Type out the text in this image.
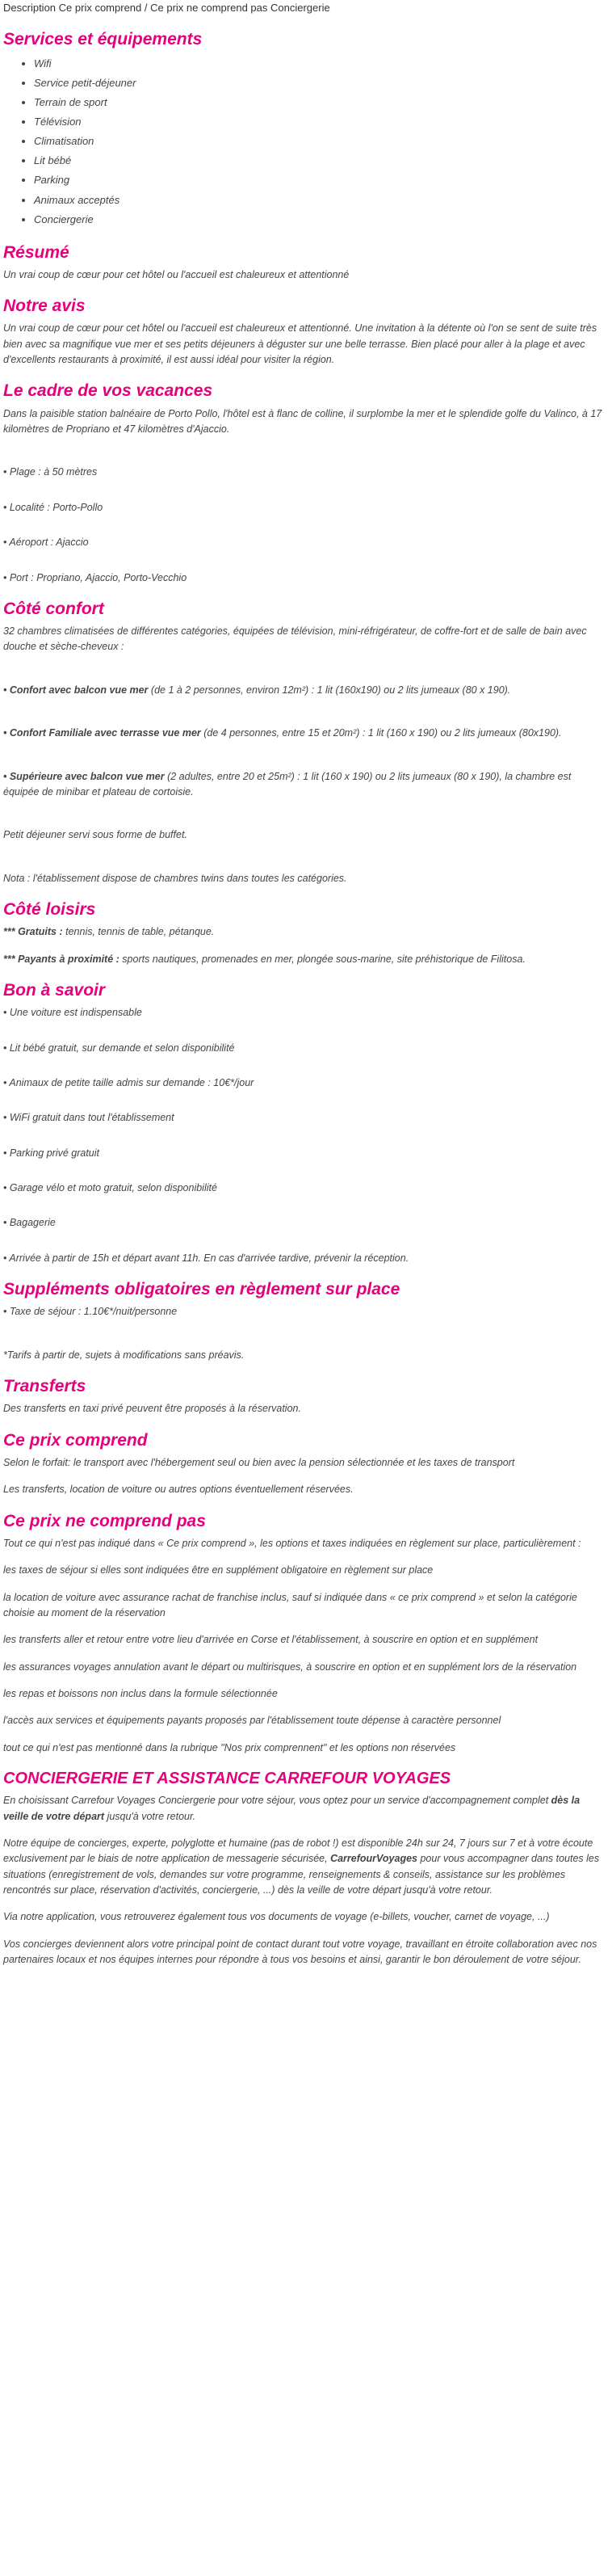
Description Ce prix comprend / Ce prix ne comprend pas Conciergerie
Services et équipements
• Wifi
• Service petit-déjeuner
• Terrain de sport
• Télévision
• Climatisation
• Lit bébé
• Parking
• Animaux acceptés
• Conciergerie
Résumé

Un vrai coup de cœur pour cet hôtel ou l'accueil est chaleureux et attentionné

Notre avis

Un vrai coup de cœur pour cet hôtel ou l'accueil est chaleureux et attentionné. Une invitation à la détente où l'on se sent de suite très bien avec sa magnifique vue mer et ses petits déjeuners à déguster sur une belle terrasse. Bien placé pour aller à la plage et avec d'excellents restaurants à proximité, il est aussi idéal pour visiter la région.

Le cadre de vos vacances

Dans la paisible station balnéaire de Porto Pollo, l'hôtel est à flanc de colline, il surplombe la mer et le splendide golfe du Valinco, à 17 kilomètres de Propriano et 47 kilomètres d'Ajaccio.

• Plage : à 50 mètres

• Localité : Porto-Pollo

• Aéroport : Ajaccio

• Port : Propriano, Ajaccio, Porto-Vecchio

Côté confort

32 chambres climatisées de différentes catégories, équipées de télévision, mini-réfrigérateur, de coffre-fort et de salle de bain avec douche et sèche-cheveux :

• Confort avec balcon vue mer (de 1 à 2 personnes, environ 12m²) : 1 lit (160x190) ou 2 lits jumeaux (80 x 190).

• Confort Familiale avec terrasse vue mer (de 4 personnes, entre 15 et 20m²) : 1 lit (160 x 190) ou 2 lits jumeaux (80x190).

• Supérieure avec balcon vue mer (2 adultes, entre 20 et 25m²) : 1 lit (160 x 190) ou 2 lits jumeaux (80 x 190), la chambre est équipée de minibar et plateau de cortoisie.

Petit déjeuner servi sous forme de buffet.

Nota : l'établissement dispose de chambres twins dans toutes les catégories.

Côté loisirs

*** Gratuits : tennis, tennis de table, pétanque.

*** Payants à proximité : sports nautiques, promenades en mer, plongée sous-marine, site préhistorique de Filitosa.

Bon à savoir

• Une voiture est indispensable

• Lit bébé gratuit, sur demande et selon disponibilité

• Animaux de petite taille admis sur demande : 10€*/jour

• WiFi gratuit dans tout l'établissement

• Parking privé gratuit

• Garage vélo et moto gratuit, selon disponibilité

• Bagagerie

• Arrivée à partir de 15h et départ avant 11h. En cas d'arrivée tardive, prévenir la réception.

Suppléments obligatoires en règlement sur place

• Taxe de séjour : 1.10€*/nuit/personne

*Tarifs à partir de, sujets à modifications sans préavis.

Transferts

Des transferts en taxi privé peuvent être proposés à la réservation.

Ce prix comprend

Selon le forfait: le transport avec l'hébergement seul ou bien avec la pension sélectionnée et les taxes de transport

Les transferts, location de voiture ou autres options éventuellement réservées.

Ce prix ne comprend pas

Tout ce qui n'est pas indiqué dans « Ce prix comprend », les options et taxes indiquées en règlement sur place, particulièrement :

les taxes de séjour si elles sont indiquées être en supplément obligatoire en règlement sur place

la location de voiture avec assurance rachat de franchise inclus, sauf si indiquée dans « ce prix comprend » et selon la catégorie choisie au moment de la réservation

les transferts aller et retour entre votre lieu d'arrivée en Corse et l'établissement, à souscrire en option et en supplément

les assurances voyages annulation avant le départ ou multirisques, à souscrire en option et en supplément lors de la réservation

les repas et boissons non inclus dans la formule sélectionnée

l'accès aux services et équipements payants proposés par l'établissement toute dépense à caractère personnel

tout ce qui n'est pas mentionné dans la rubrique "Nos prix comprennent" et les options non réservées

CONCIERGERIE ET ASSISTANCE CARREFOUR VOYAGES

En choisissant Carrefour Voyages Conciergerie pour votre séjour, vous optez pour un service d'accompagnement complet dès la veille de votre départ jusqu'à votre retour.

Notre équipe de concierges, experte, polyglotte et humaine (pas de robot !) est disponible 24h sur 24, 7 jours sur 7 et à votre écoute exclusivement par le biais de notre application de messagerie sécurisée, CarrefourVoyages pour vous accompagner dans toutes les situations (enregistrement de vols, demandes sur votre programme, renseignements & conseils, assistance sur les problèmes rencontrés sur place, réservation d'activités, conciergerie, ...) dès la veille de votre départ jusqu'à votre retour.

Via notre application, vous retrouverez également tous vos documents de voyage (e-billets, voucher, carnet de voyage, ...)

Vos concierges deviennent alors votre principal point de contact durant tout votre voyage, travaillant en étroite collaboration avec nos partenaires locaux et nos équipes internes pour répondre à tous vos besoins et ainsi, garantir le bon déroulement de votre séjour.
